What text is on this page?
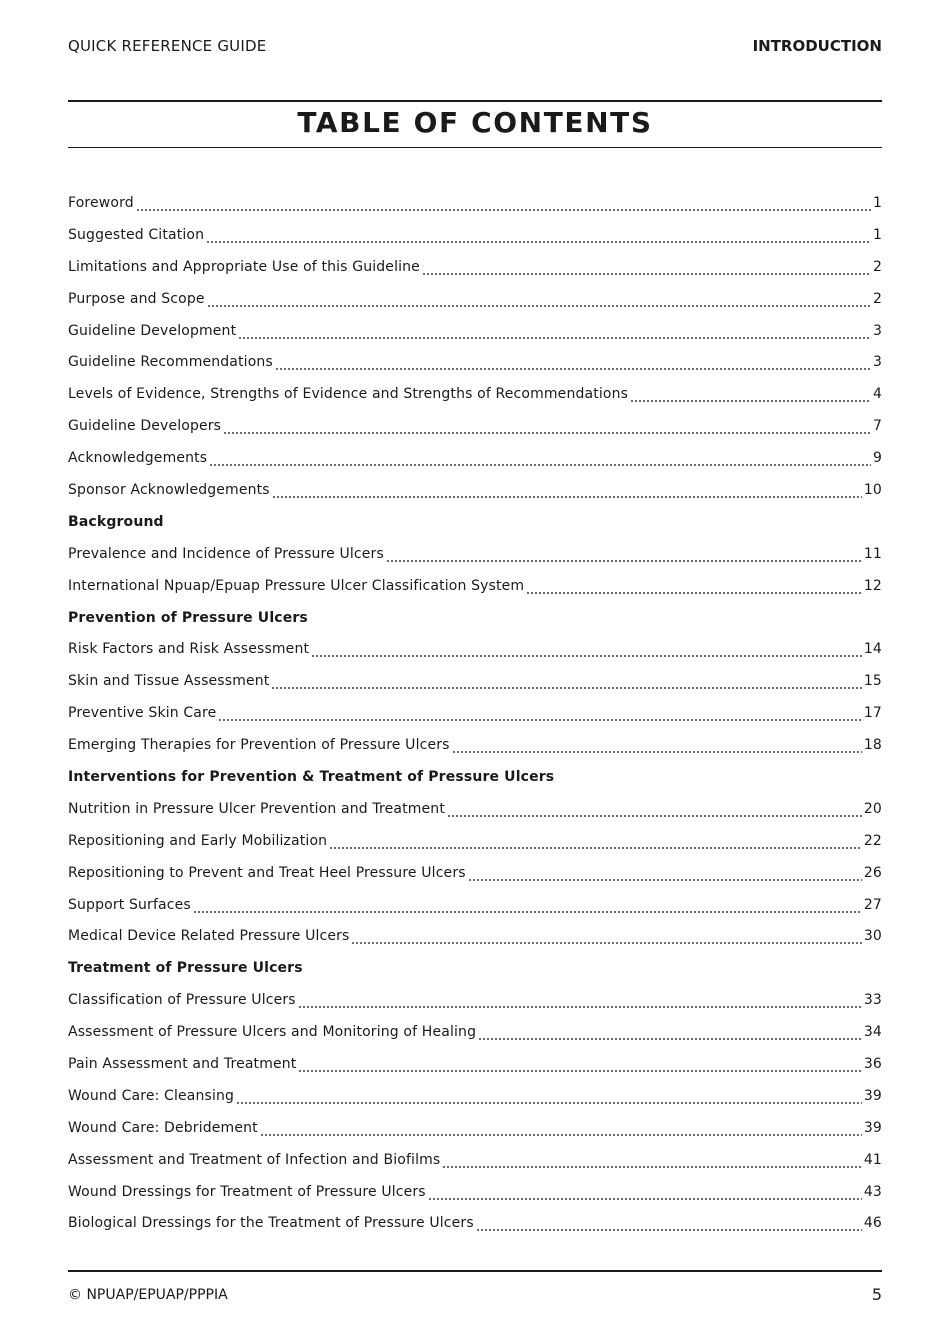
QUICK REFERENCE GUIDE	INTRODUCTION
TABLE OF CONTENTS
Foreword	1
Suggested Citation	1
Limitations and Appropriate Use of this Guideline	2
Purpose and Scope	2
Guideline Development	3
Guideline Recommendations	3
Levels of Evidence, Strengths of Evidence and Strengths of Recommendations	4
Guideline Developers	7
Acknowledgements	9
Sponsor Acknowledgements	10
Background
Prevalence and Incidence of Pressure Ulcers	11
International Npuap/Epuap Pressure Ulcer Classification System	12
Prevention of Pressure Ulcers
Risk Factors and Risk Assessment	14
Skin and Tissue Assessment	15
Preventive Skin Care	17
Emerging Therapies for Prevention of Pressure Ulcers	18
Interventions for Prevention & Treatment of Pressure Ulcers
Nutrition in Pressure Ulcer Prevention and Treatment	20
Repositioning and Early Mobilization	22
Repositioning to Prevent and Treat Heel Pressure Ulcers	26
Support Surfaces	27
Medical Device Related Pressure Ulcers	30
Treatment of Pressure Ulcers
Classification of Pressure Ulcers	33
Assessment of Pressure Ulcers and Monitoring of Healing	34
Pain Assessment and Treatment	36
Wound Care: Cleansing	39
Wound Care: Debridement	39
Assessment and Treatment of Infection and Biofilms	41
Wound Dressings for Treatment of Pressure Ulcers	43
Biological Dressings for the Treatment of Pressure Ulcers	46
© NPUAP/EPUAP/PPPIA	5
